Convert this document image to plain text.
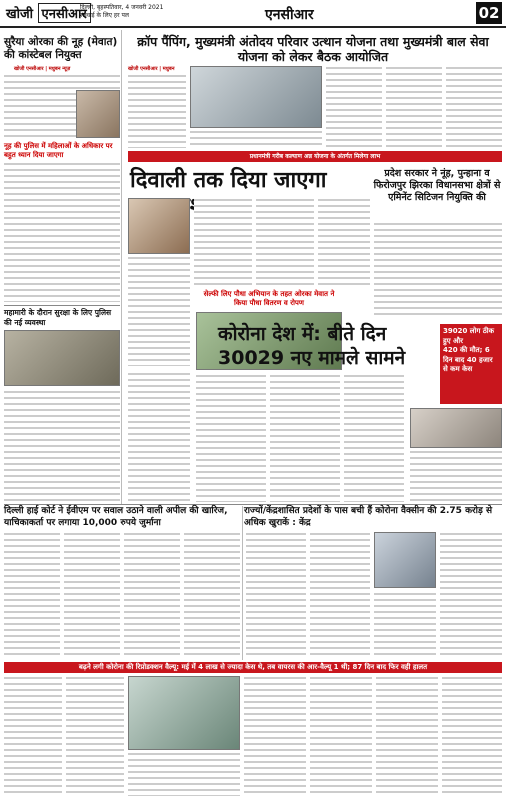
खोजी एनसीआर
दिल्ली, बृहस्पतिवार, 4 जनवरी 2021
सच्चाई के लिए हर पल	एनसीआर	02
सुरैया ओरका की नूह (मेवात) की कांस्टेबल नियुक्त
खोजी एनसीआर | मधुबन न्यूज़
नूह की पुलिस में महिलाओं के अधिकार पर बहुत ध्यान दिया जाएगा
महामारी के दौरान सुरक्षा के लिए पुलिस की नई व्यवस्था
क्रॉप पैंपिंग, मुख्यमंत्री अंतोदय परिवार उत्थान योजना तथा मुख्यमंत्री बाल सेवा योजना को लेकर बैठक आयोजित
खोजी एनसीआर | मधुबन
प्रधानमंत्री गरीब कल्याण अन्न योजना के अंतर्गत मिलेगा लाभ
दिवाली तक दिया जाएगा	प्रदेश सरकार ने नूंह, पुन्हाना व फिरोजपुर झिरका विधानसभा क्षेत्रों से एमिनेंट सिटिजन नियुक्ति की
सेल्फी लिए पौधा अभियान के तहत ओरका मेवात ने किया पौधा वितरण व रोपण
कोरोना देश में: बीते दिन 30029 नए मामले सामने
39020 लोग ठीक हुए और
420 की मौत; 6
दिन बाद 40 हजार से कम केस
दिल्ली हाई कोर्ट ने ईवीएम पर सवाल उठाने वाली अपील की खारिज, याचिकाकर्ता पर लगाया 10,000 रुपये जुर्माना
राज्यों/केंद्रशासित प्रदेशों के पास बची हैं कोरोना वैक्सीन की 2.75 करोड़ से अधिक खुराकें : केंद्र
बढ़ने लगी कोरोना की रिप्रोडक्शन वैल्यू: मई में 4 लाख से ज्यादा केस थे, तब वायरस की आर-वैल्यू 1 थी; 87 दिन बाद फिर वही हालत
